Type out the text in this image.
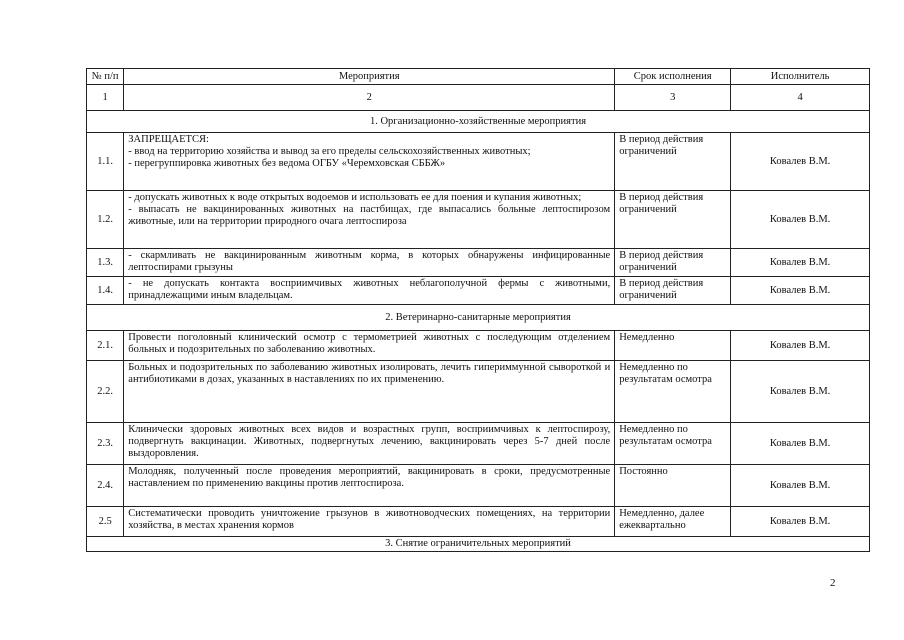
№ п/п	Мероприятия	Срок исполнения	Исполнитель
1	2	3	4
1. Организационно-хозяйственные мероприятия			
1.1.	ЗАПРЕЩАЕТСЯ:
- ввод на территорию хозяйства и вывод за его пределы сельскохозяйственных животных;
- перегруппировка животных без ведома ОГБУ «Черемховская СББЖ»	В период действия ограничений	Ковалев В.М.
1.2.	- допускать животных к воде открытых водоемов и использовать ее для поения и купания животных;
- выпасать не вакцинированных животных на пастбищах, где выпасались больные лептоспирозом животные, или на территории природного очага лептоспироза	В период действия ограничений	Ковалев В.М.
1.3.	- скармливать не вакцинированным животным корма, в которых обнаружены инфицированные лептоспирами грызуны	В период действия ограничений	Ковалев В.М.
1.4.	- не допускать контакта восприимчивых животных неблагополучной фермы с животными, принадлежащими иным владельцам.	В период действия ограничений	Ковалев В.М.
2. Ветеринарно-санитарные мероприятия			
2.1.	Провести поголовный клинический осмотр с термометрией животных с последующим отделением больных и подозрительных по заболеванию животных.	Немедленно	Ковалев В.М.
2.2.	Больных и подозрительных по заболеванию животных изолировать, лечить гипериммунной сывороткой и антибиотиками в дозах, указанных в наставлениях по их применению.	Немедленно по результатам осмотра	Ковалев В.М.
2.3.	Клинически здоровых животных всех видов и возрастных групп, восприимчивых к лептоспирозу, подвергнуть вакцинации. Животных, подвергнутых лечению, вакцинировать через 5-7 дней после выздоровления.	Немедленно по результатам осмотра	Ковалев В.М.
2.4.	Молодняк, полученный после проведения мероприятий, вакцинировать в сроки, предусмотренные наставлением по применению вакцины против лептоспироза.	Постоянно	Ковалев В.М.
2.5	Систематически проводить уничтожение грызунов в животноводческих помещениях, на территории хозяйства, в местах хранения кормов	Немедленно, далее ежеквартально	Ковалев В.М.
3. Снятие ограничительных мероприятий			
2
